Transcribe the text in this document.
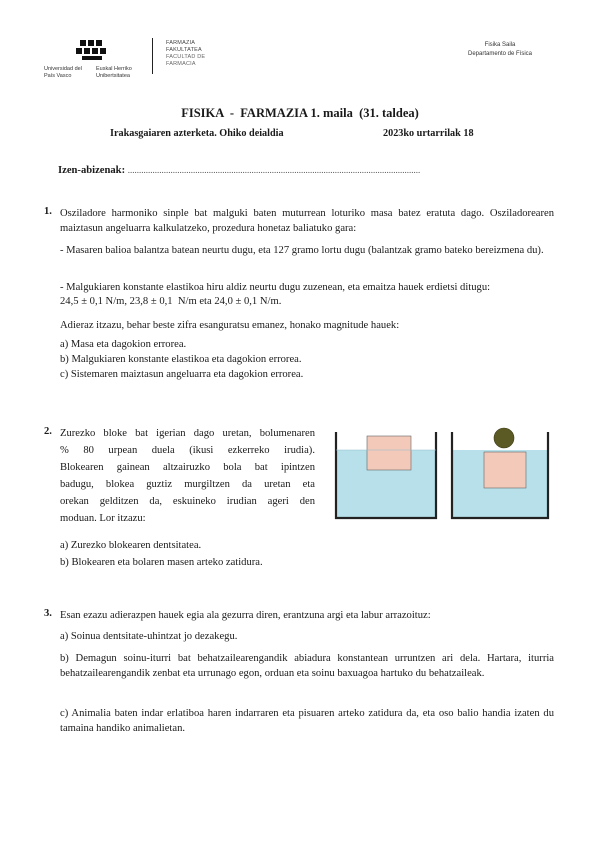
Universidad del País Vasco
Euskal Herriko Unibertsitatea
FARMAZIA FAKULTATEA
FACULTAD DE FARMACIA
Fisika Saila
Departamento de Física
FISIKA  -  FARMAZIA 1. maila  (31. taldea)
Irakasgaiaren azterketa. Ohiko deialdia	2023ko urtarrilak 18
Izen-abizenak: ..................................................................................................................................
1. Osziladore harmoniko sinple bat malguki baten muturrean loturiko masa batez eratuta dago. Osziladorearen maiztasun angeluarra kalkulatzeko, prozedura honetaz baliatuko gara:
- Masaren balioa balantza batean neurtu dugu, eta 127 gramo lortu dugu (balantzak gramo bateko bereizmena du).
- Malgukiaren konstante elastikoa hiru aldiz neurtu dugu zuzenean, eta emaitza hauek erdietsi ditugu:
24,5 ± 0,1 N/m, 23,8 ± 0,1  N/m eta 24,0 ± 0,1 N/m.
Adieraz itzazu, behar beste zifra esanguratsu emanez, honako magnitude hauek:
a) Masa eta dagokion errorea.
b) Malgukiaren konstante elastikoa eta dagokion errorea.
c) Sistemaren maiztasun angeluarra eta dagokion errorea.
2. Zurezko bloke bat igerian dago uretan, bolumenaren
% 80 urpean duela (ikusi ezkerreko irudia).
Blokearen gainean altzairuzko bola bat ipintzen
badugu, blokea guztiz murgiltzen da uretan eta
orekan gelditzen da, eskuineko irudian ageri den
moduan. Lor itzazu:
a) Zurezko blokearen dentsitatea.
b) Blokearen eta bolaren masen arteko zatidura.
3. Esan ezazu adierazpen hauek egia ala gezurra diren, erantzuna argi eta labur arrazoituz:
a) Soinua dentsitate-uhintzat jo dezakegu.
b) Demagun soinu-iturri bat behatzailearengandik abiadura konstantean urruntzen ari dela. Hartara, iturria behatzailearengandik zenbat eta urrunago egon, orduan eta soinu baxuagoa hartuko du behatzaileak.
c) Animalia baten indar erlatiboa haren indarraren eta pisuaren arteko zatidura da, eta oso balio handia izaten du tamaina handiko animalietan.
